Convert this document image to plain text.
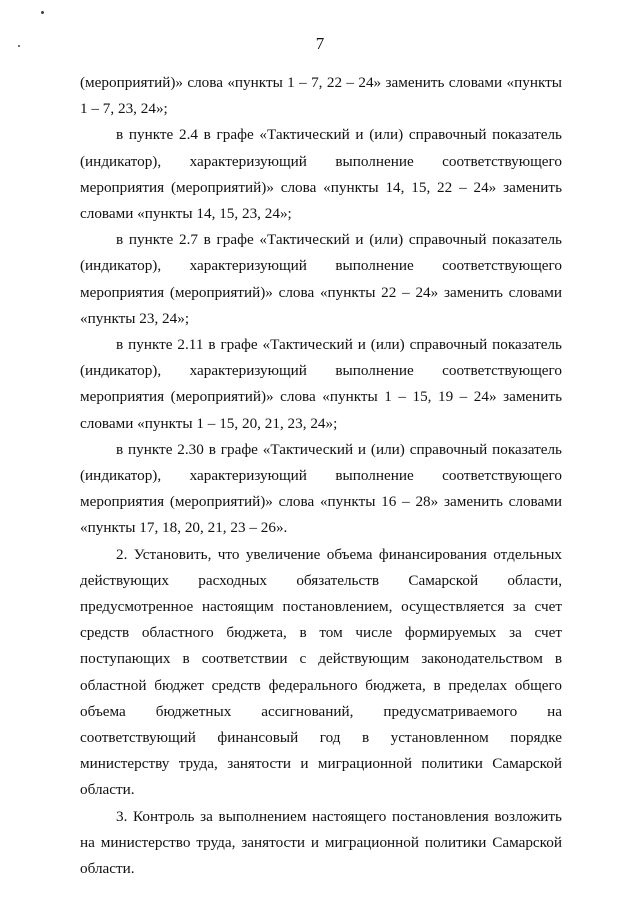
7

(мероприятий)» слова «пункты 1 – 7, 22 – 24» заменить словами «пункты 1 – 7, 23, 24»;

в пункте 2.4 в графе «Тактический и (или) справочный показатель (индикатор), характеризующий выполнение соответствующего мероприятия (мероприятий)» слова «пункты 14, 15, 22 – 24» заменить словами «пункты 14, 15, 23, 24»;

в пункте 2.7 в графе «Тактический и (или) справочный показатель (индикатор), характеризующий выполнение соответствующего мероприятия (мероприятий)» слова «пункты 22 – 24» заменить словами «пункты 23, 24»;

в пункте 2.11 в графе «Тактический и (или) справочный показатель (индикатор), характеризующий выполнение соответствующего мероприятия (мероприятий)» слова «пункты 1 – 15, 19 – 24» заменить словами «пункты 1 – 15, 20, 21, 23, 24»;

в пункте 2.30 в графе «Тактический и (или) справочный показатель (индикатор), характеризующий выполнение соответствующего мероприятия (мероприятий)» слова «пункты 16 – 28» заменить словами «пункты 17, 18, 20, 21, 23 – 26».

2. Установить, что увеличение объема финансирования отдельных действующих расходных обязательств Самарской области, предусмотренное настоящим постановлением, осуществляется за счет средств областного бюджета, в том числе формируемых за счет поступающих в соответствии с действующим законодательством в областной бюджет средств федерального бюджета, в пределах общего объема бюджетных ассигнований, предусматриваемого на соответствующий финансовый год в установленном порядке министерству труда, занятости и миграционной политики Самарской области.

3. Контроль за выполнением настоящего постановления возложить на министерство труда, занятости и миграционной политики Самарской области.
